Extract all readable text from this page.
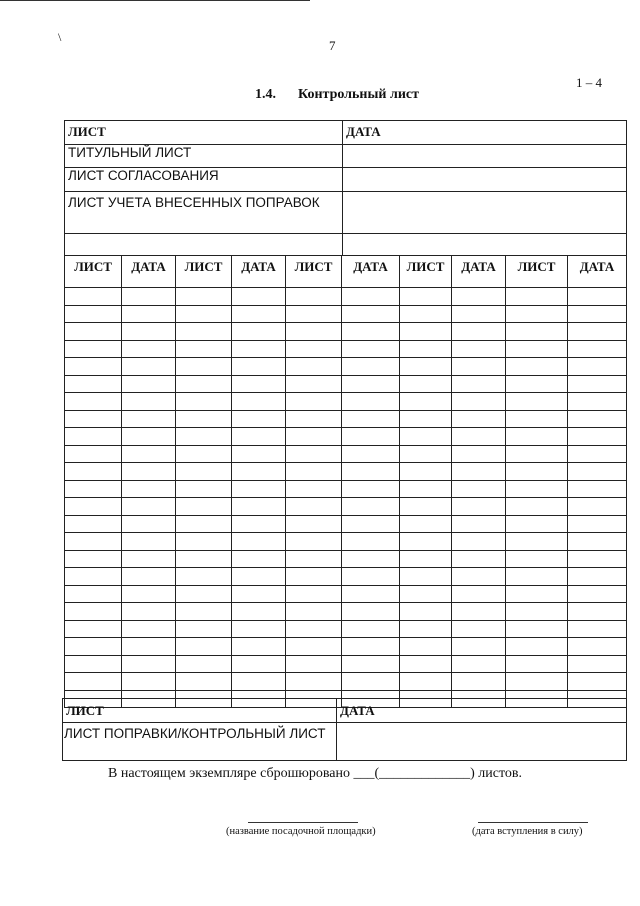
\
7
1 – 4
1.4. Контрольный лист
ЛИСТ	ДАТА
ТИТУЛЬНЫЙ ЛИСТ	
ЛИСТ СОГЛАСОВАНИЯ	
ЛИСТ УЧЕТА ВНЕСЕННЫХ ПОПРАВОК	

ЛИСТ	ДАТА	ЛИСТ	ДАТА	ЛИСТ	ДАТА	ЛИСТ	ДАТА	ЛИСТ	ДАТА

ЛИСТ	ДАТА
ЛИСТ ПОПРАВКИ/КОНТРОЛЬНЫЙ ЛИСТ	
В настоящем экземпляре сброшюровано ___(_____________) листов.
(название посадочной площадки)	(дата вступления в силу)
